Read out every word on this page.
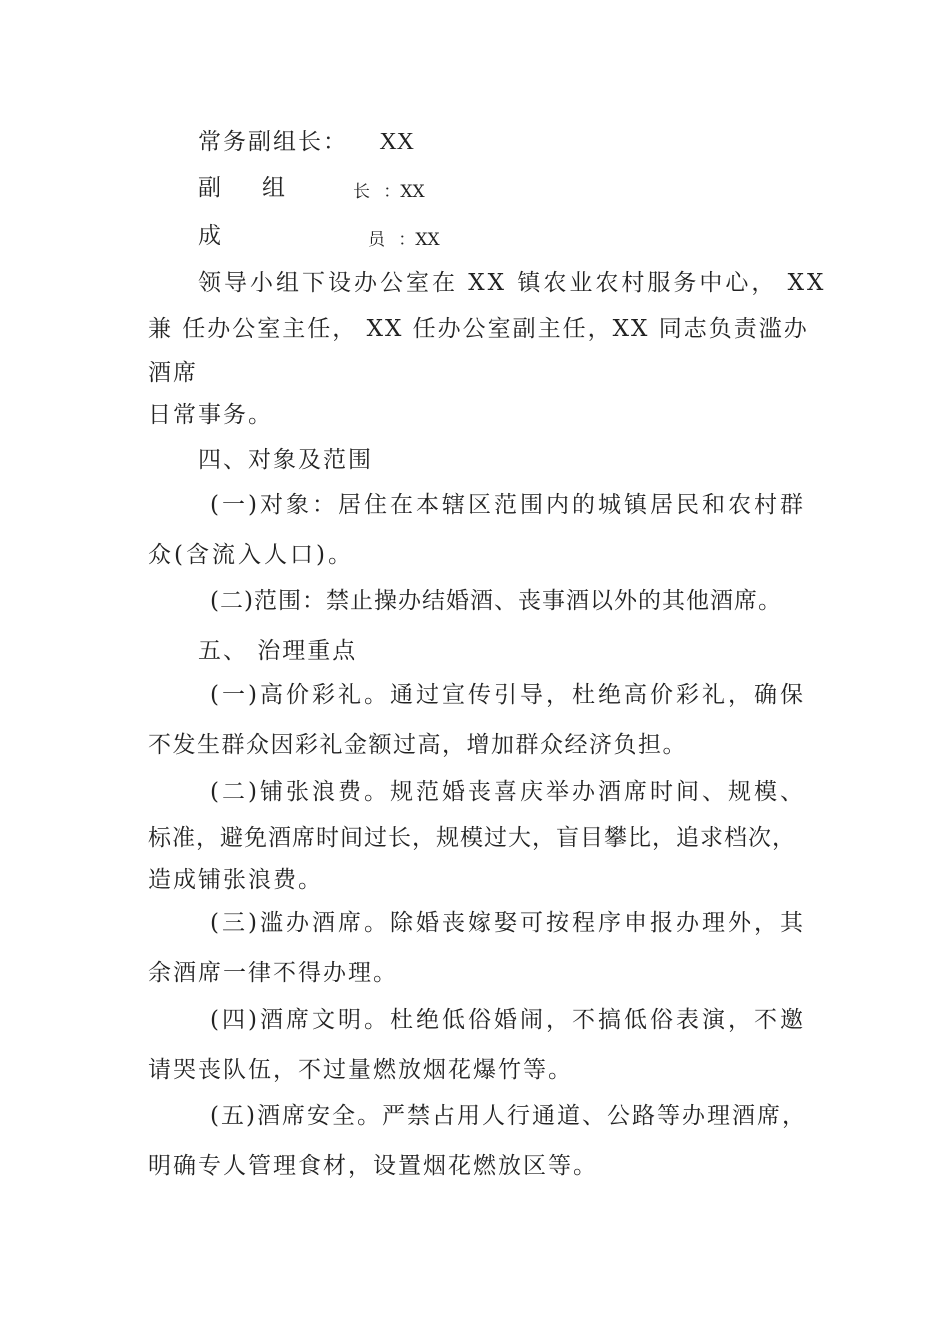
常务副组长： XX
副 组	长 ：XX
成	员 ：XX
领导小组下设办公室在 XX 镇农业农村服务中心， XX
兼 任办公室主任， XX 任办公室副主任，XX 同志负责滥办
酒席
日常事务。
四、对象及范围
(一)对象：居住在本辖区范围内的城镇居民和农村群
众(含流入人口)。
(二)范围：禁止操办结婚酒、丧事酒以外的其他酒席。
五、 治理重点
(一)高价彩礼。通过宣传引导，杜绝高价彩礼，确保
不发生群众因彩礼金额过高，增加群众经济负担。
(二)铺张浪费。规范婚丧喜庆举办酒席时间、规模、
标准，避免酒席时间过长，规模过大，盲目攀比，追求档次，
造成铺张浪费。
(三)滥办酒席。除婚丧嫁娶可按程序申报办理外，其
余酒席一律不得办理。
(四)酒席文明。杜绝低俗婚闹，不搞低俗表演，不邀
请哭丧队伍，不过量燃放烟花爆竹等。
(五)酒席安全。严禁占用人行通道、公路等办理酒席，
明确专人管理食材，设置烟花燃放区等。
